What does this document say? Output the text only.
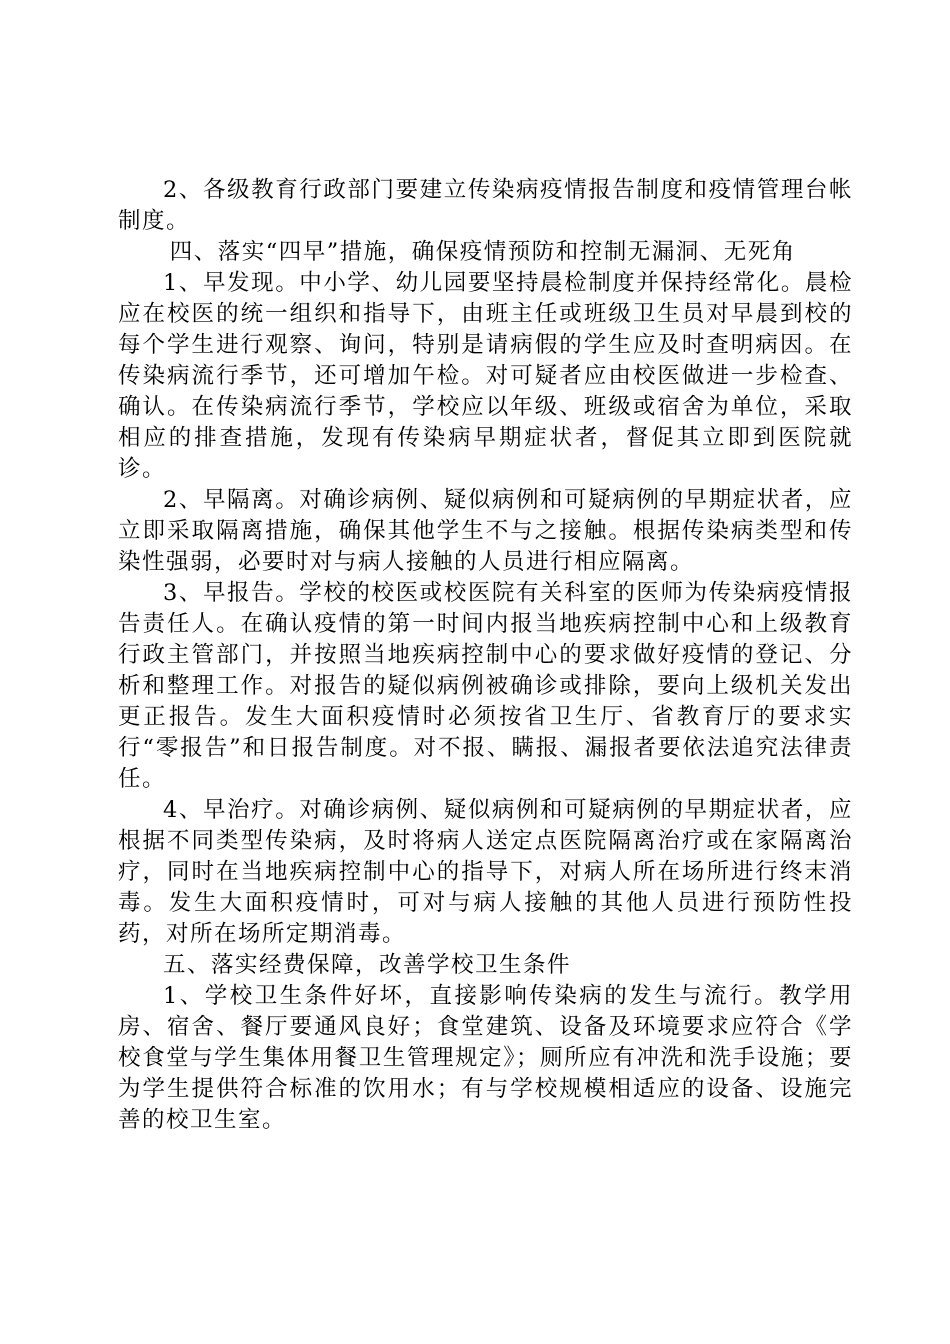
2、各级教育行政部门要建立传染病疫情报告制度和疫情管理台帐制度。

四、落实“四早”措施，确保疫情预防和控制无漏洞、无死角

1、早发现。中小学、幼儿园要坚持晨检制度并保持经常化。晨检应在校医的统一组织和指导下，由班主任或班级卫生员对早晨到校的每个学生进行观察、询问，特别是请病假的学生应及时查明病因。在传染病流行季节，还可增加午检。对可疑者应由校医做进一步检查、确认。在传染病流行季节，学校应以年级、班级或宿舍为单位，采取相应的排查措施，发现有传染病早期症状者，督促其立即到医院就诊。

2、早隔离。对确诊病例、疑似病例和可疑病例的早期症状者，应立即采取隔离措施，确保其他学生不与之接触。根据传染病类型和传染性强弱，必要时对与病人接触的人员进行相应隔离。

3、早报告。学校的校医或校医院有关科室的医师为传染病疫情报告责任人。在确认疫情的第一时间内报当地疾病控制中心和上级教育行政主管部门，并按照当地疾病控制中心的要求做好疫情的登记、分析和整理工作。对报告的疑似病例被确诊或排除，要向上级机关发出更正报告。发生大面积疫情时必须按省卫生厅、省教育厅的要求实行“零报告”和日报告制度。对不报、瞒报、漏报者要依法追究法律责任。

4、早治疗。对确诊病例、疑似病例和可疑病例的早期症状者，应根据不同类型传染病，及时将病人送定点医院隔离治疗或在家隔离治疗，同时在当地疾病控制中心的指导下，对病人所在场所进行终末消毒。发生大面积疫情时，可对与病人接触的其他人员进行预防性投药，对所在场所定期消毒。

五、落实经费保障，改善学校卫生条件

1、学校卫生条件好坏，直接影响传染病的发生与流行。教学用房、宿舍、餐厅要通风良好；食堂建筑、设备及环境要求应符合《学校食堂与学生集体用餐卫生管理规定》；厕所应有冲洗和洗手设施；要为学生提供符合标准的饮用水；有与学校规模相适应的设备、设施完善的校卫生室。
